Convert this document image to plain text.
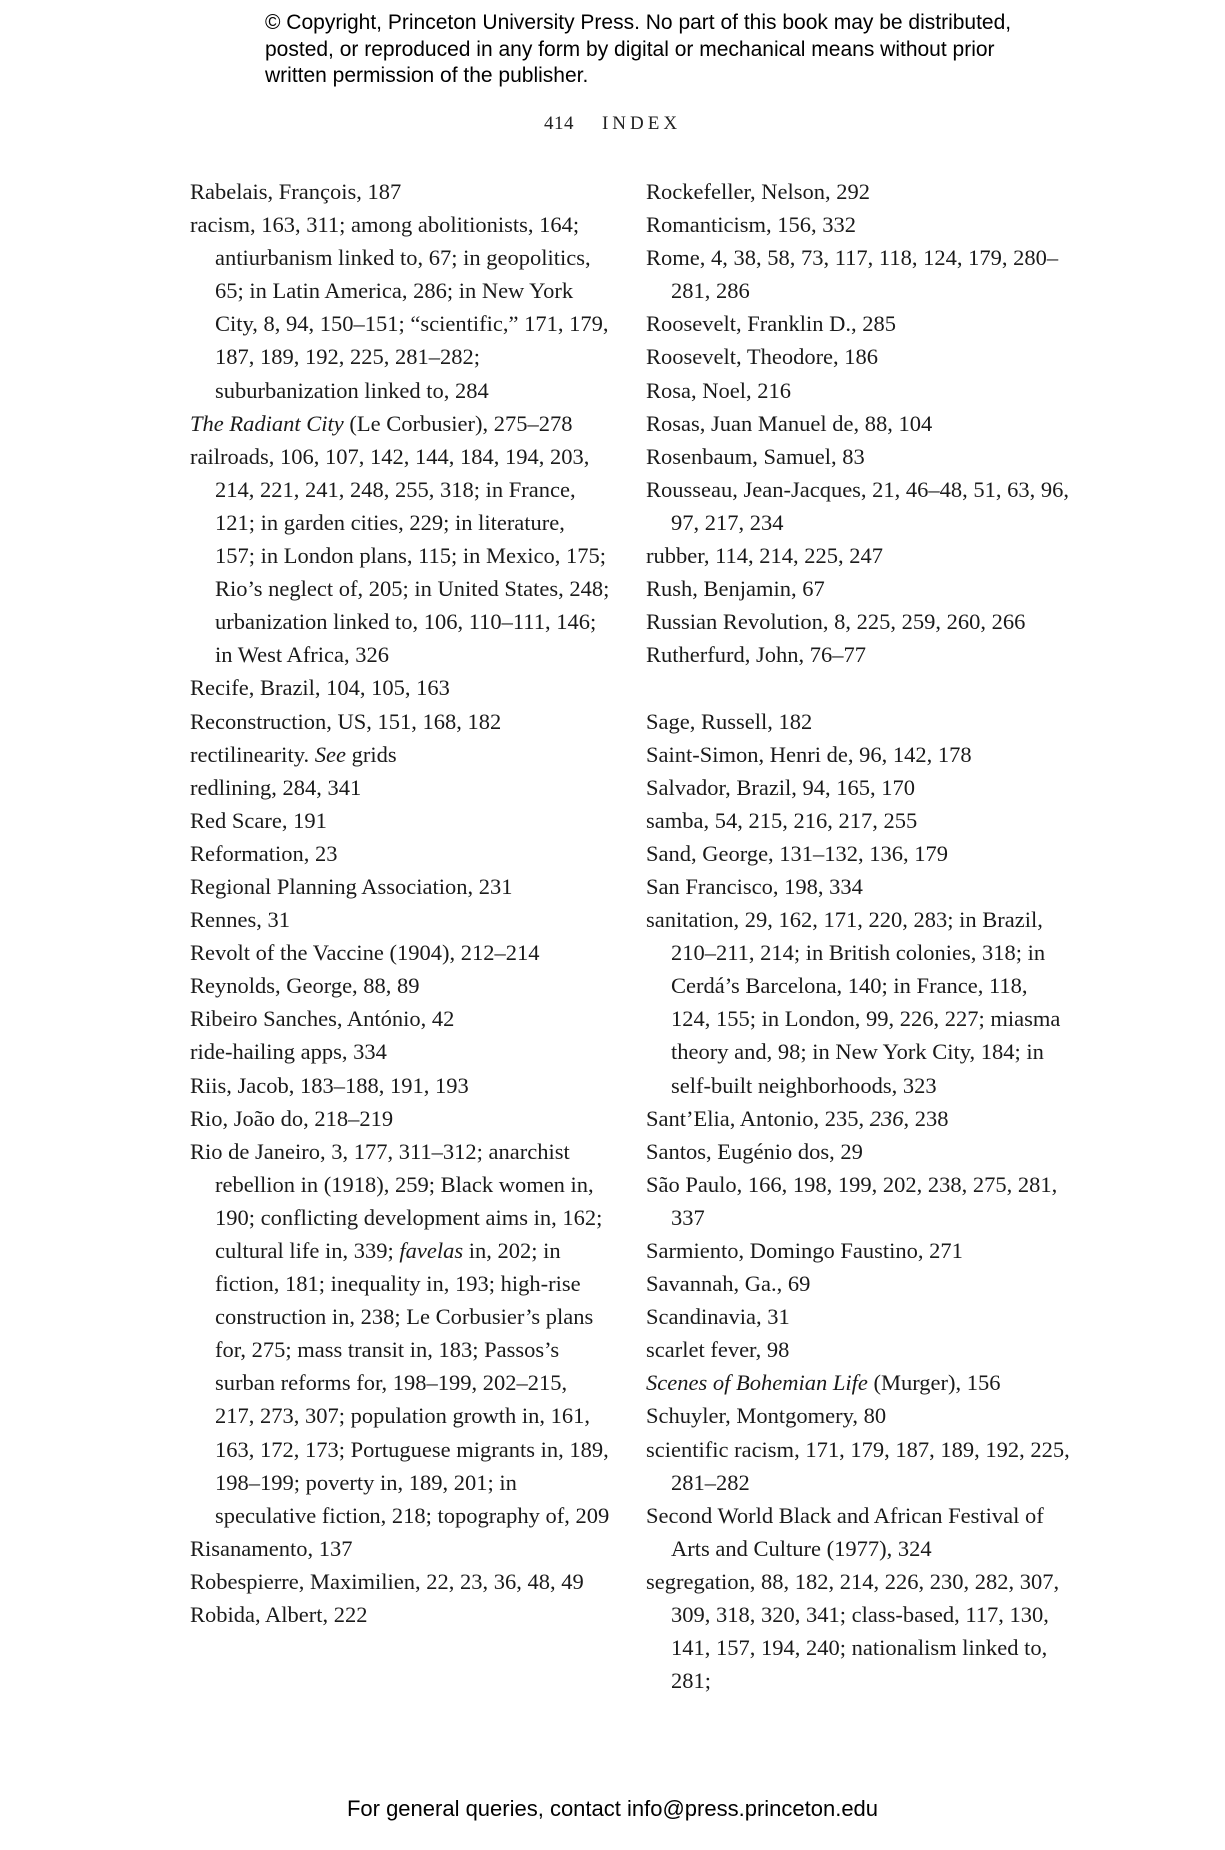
© Copyright, Princeton University Press. No part of this book may be distributed, posted, or reproduced in any form by digital or mechanical means without prior written permission of the publisher.
414 INDEX

Rabelais, François, 187

racism, 163, 311; among abolitionists, 164; antiurbanism linked to, 67; in geopolitics, 65; in Latin America, 286; in New York City, 8, 94, 150–151; “scientific,” 171, 179, 187, 189, 192, 225, 281–282; suburbanization linked to, 284

The Radiant City (Le Corbusier), 275–278

railroads, 106, 107, 142, 144, 184, 194, 203, 214, 221, 241, 248, 255, 318; in France, 121; in garden cities, 229; in literature, 157; in London plans, 115; in Mexico, 175; Rio’s neglect of, 205; in United States, 248; urbanization linked to, 106, 110–111, 146; in West Africa, 326

Recife, Brazil, 104, 105, 163

Reconstruction, US, 151, 168, 182

rectilinearity. See grids

redlining, 284, 341

Red Scare, 191

Reformation, 23

Regional Planning Association, 231

Rennes, 31

Revolt of the Vaccine (1904), 212–214

Reynolds, George, 88, 89

Ribeiro Sanches, António, 42

ride-hailing apps, 334

Riis, Jacob, 183–188, 191, 193

Rio, João do, 218–219

Rio de Janeiro, 3, 177, 311–312; anarchist rebellion in (1918), 259; Black women in, 190; conflicting development aims in, 162; cultural life in, 339; favelas in, 202; in fiction, 181; inequality in, 193; high-rise construction in, 238; Le Corbusier’s plans for, 275; mass transit in, 183; Passos’s surban reforms for, 198–199, 202–215, 217, 273, 307; population growth in, 161, 163, 172, 173; Portuguese migrants in, 189, 198–199; poverty in, 189, 201; in speculative fiction, 218; topography of, 209

Risanamento, 137

Robespierre, Maximilien, 22, 23, 36, 48, 49

Robida, Albert, 222

Rockefeller, Nelson, 292

Romanticism, 156, 332

Rome, 4, 38, 58, 73, 117, 118, 124, 179, 280–281, 286

Roosevelt, Franklin D., 285

Roosevelt, Theodore, 186

Rosa, Noel, 216

Rosas, Juan Manuel de, 88, 104

Rosenbaum, Samuel, 83

Rousseau, Jean-Jacques, 21, 46–48, 51, 63, 96, 97, 217, 234

rubber, 114, 214, 225, 247

Rush, Benjamin, 67

Russian Revolution, 8, 225, 259, 260, 266

Rutherfurd, John, 76–77

Sage, Russell, 182

Saint-Simon, Henri de, 96, 142, 178

Salvador, Brazil, 94, 165, 170

samba, 54, 215, 216, 217, 255

Sand, George, 131–132, 136, 179

San Francisco, 198, 334

sanitation, 29, 162, 171, 220, 283; in Brazil, 210–211, 214; in British colonies, 318; in Cerdá’s Barcelona, 140; in France, 118, 124, 155; in London, 99, 226, 227; miasma theory and, 98; in New York City, 184; in self-built neighborhoods, 323

Sant’Elia, Antonio, 235, 236, 238

Santos, Eugénio dos, 29

São Paulo, 166, 198, 199, 202, 238, 275, 281, 337

Sarmiento, Domingo Faustino, 271

Savannah, Ga., 69

Scandinavia, 31

scarlet fever, 98

Scenes of Bohemian Life (Murger), 156

Schuyler, Montgomery, 80

scientific racism, 171, 179, 187, 189, 192, 225, 281–282

Second World Black and African Festival of Arts and Culture (1977), 324

segregation, 88, 182, 214, 226, 230, 282, 307, 309, 318, 320, 341; class-based, 117, 130, 141, 157, 194, 240; nationalism linked to, 281;

For general queries, contact info@press.princeton.edu
